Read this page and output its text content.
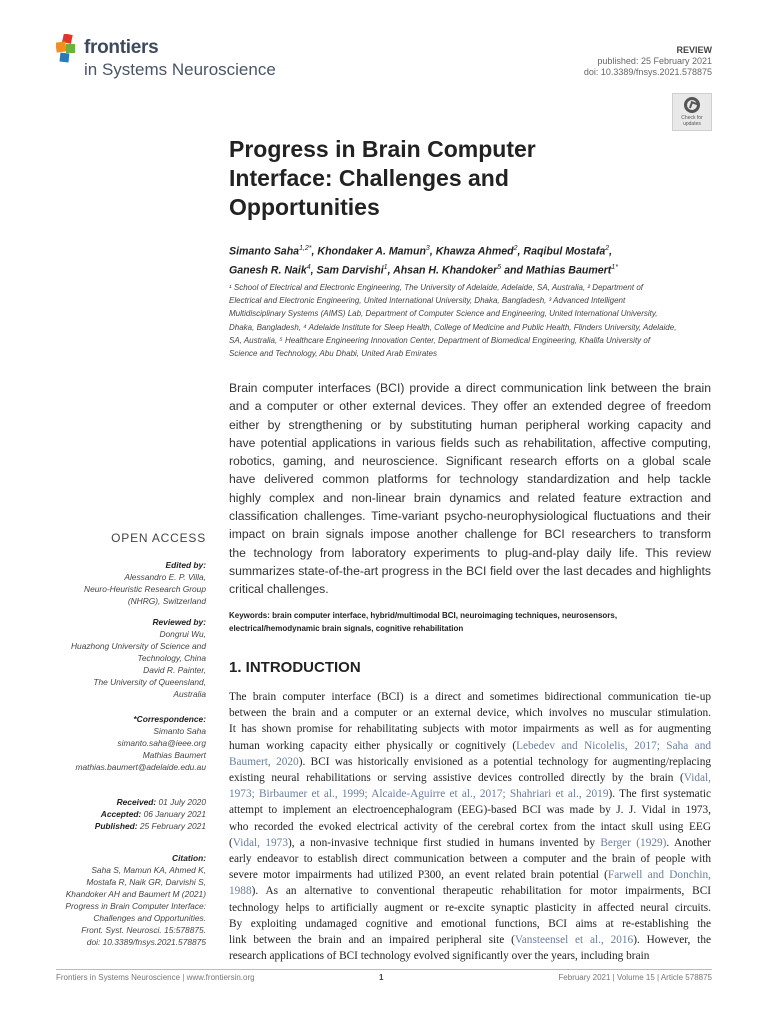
frontiers
in Systems Neuroscience
REVIEW
published: 25 February 2021
doi: 10.3389/fnsys.2021.578875
Check for updates
Progress in Brain Computer
Interface: Challenges and
Opportunities
Simanto Saha$^{1,2*}$, Khondaker A. Mamun$^3$, Khawza Ahmed$^2$, Raqibul Mostafa$^2$,
Ganesh R. Naik$^4$, Sam Darvishi$^1$, Ahsan H. Khandoker$^5$ and Mathias Baumert$^{1*}$
¹ School of Electrical and Electronic Engineering, The University of Adelaide, Adelaide, SA, Australia, ² Department of
Electrical and Electronic Engineering, United International University, Dhaka, Bangladesh, ³ Advanced Intelligent
Multidisciplinary Systems (AIMS) Lab, Department of Computer Science and Engineering, United International University,
Dhaka, Bangladesh, ⁴ Adelaide Institute for Sleep Health, College of Medicine and Public Health, Flinders University, Adelaide,
SA, Australia, ⁵ Healthcare Engineering Innovation Center, Department of Biomedical Engineering, Khalifa University of
Science and Technology, Abu Dhabi, United Arab Emirates
Brain computer interfaces (BCI) provide a direct communication link between the brain
and a computer or other external devices. They offer an extended degree of freedom
either by strengthening or by substituting human peripheral working capacity and
have potential applications in various fields such as rehabilitation, affective computing,
robotics, gaming, and neuroscience. Significant research efforts on a global scale
have delivered common platforms for technology standardization and help tackle
highly complex and non-linear brain dynamics and related feature extraction and
classification challenges. Time-variant psycho-neurophysiological fluctuations and their
impact on brain signals impose another challenge for BCI researchers to transform
the technology from laboratory experiments to plug-and-play daily life. This review
summarizes state-of-the-art progress in the BCI field over the last decades and highlights
critical challenges.
Keywords: brain computer interface, hybrid/multimodal BCI, neuroimaging techniques, neurosensors,
electrical/hemodynamic brain signals, cognitive rehabilitation
1. INTRODUCTION
The brain computer interface (BCI) is a direct and sometimes bidirectional communication tie-up
between the brain and a computer or an external device, which involves no muscular stimulation.
It has shown promise for rehabilitating subjects with motor impairments as well as for augmenting
human working capacity either physically or cognitively (Lebedev and Nicolelis, 2017; Saha and
Baumert, 2020). BCI was historically envisioned as a potential technology for augmenting/replacing
existing neural rehabilitations or serving assistive devices controlled directly by the brain (Vidal,
1973; Birbaumer et al., 1999; Alcaide-Aguirre et al., 2017; Shahriari et al., 2019). The first systematic
attempt to implement an electroencephalogram (EEG)-based BCI was made by J. J. Vidal in 1973,
who recorded the evoked electrical activity of the cerebral cortex from the intact skull using EEG
(Vidal, 1973), a non-invasive technique first studied in humans invented by Berger (1929). Another
early endeavor to establish direct communication between a computer and the brain of people with
severe motor impairments had utilized P300, an event related brain potential (Farwell and Donchin,
1988). As an alternative to conventional therapeutic rehabilitation for motor impairments, BCI
technology helps to artificially augment or re-excite synaptic plasticity in affected neural circuits.
By exploiting undamaged cognitive and emotional functions, BCI aims at re-establishing the
link between the brain and an impaired peripheral site (Vansteensel et al., 2016). However, the
research applications of BCI technology evolved significantly over the years, including brain
OPEN ACCESS
Edited by:
Alessandro E. P. Villa,
Neuro-Heuristic Research Group
(NHRG), Switzerland
Reviewed by:
Dongrui Wu,
Huazhong University of Science and
Technology, China
David R. Painter,
The University of Queensland,
Australia
*Correspondence:
Simanto Saha
simanto.saha@ieee.org
Mathias Baumert
mathias.baumert@adelaide.edu.au
Received: 01 July 2020
Accepted: 06 January 2021
Published: 25 February 2021
Citation:
Saha S, Mamun KA, Ahmed K,
Mostafa R, Naik GR, Darvishi S,
Khandoker AH and Baumert M (2021)
Progress in Brain Computer Interface:
Challenges and Opportunities.
Front. Syst. Neurosci. 15:578875.
doi: 10.3389/fnsys.2021.578875
Frontiers in Systems Neuroscience | www.frontiersin.org	1	February 2021 | Volume 15 | Article 578875
